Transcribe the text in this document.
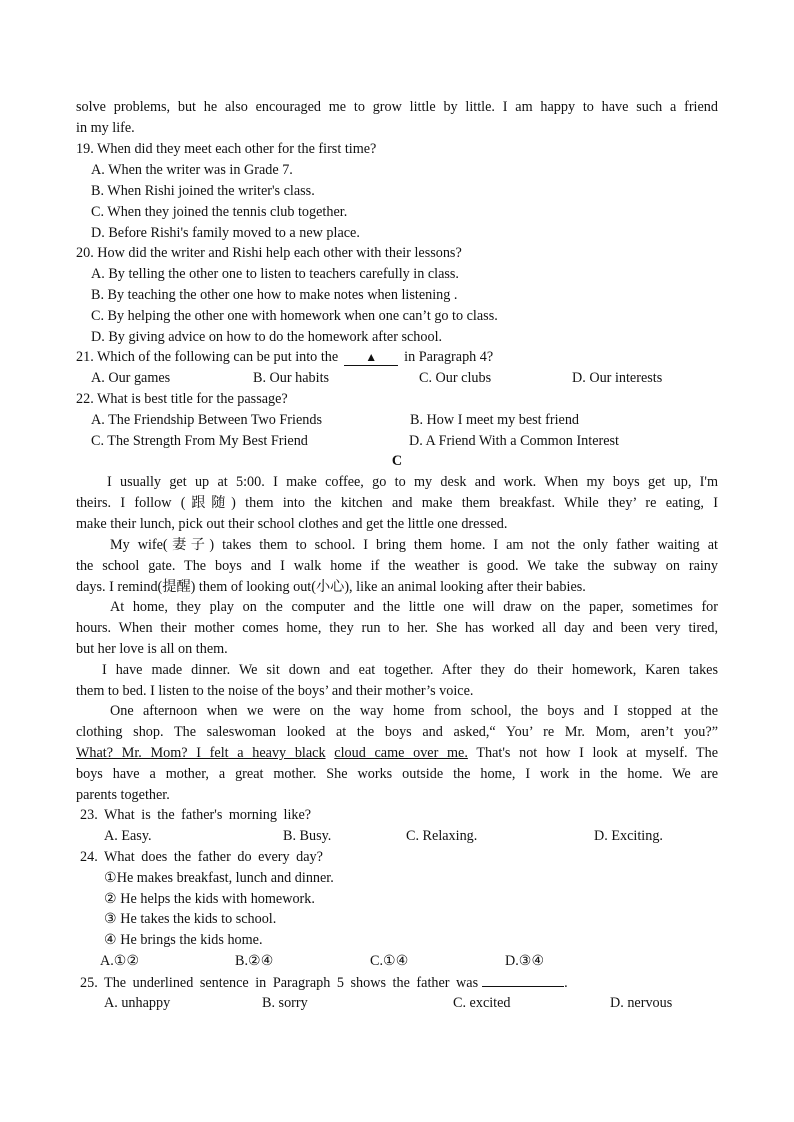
solve problems, but he also encouraged me to grow little by little. I am happy to have such a friend
in my life.
19. When did they meet each other for the first time?
A. When the writer was in Grade 7.
B. When Rishi joined the writer's class.
C. When they joined the tennis club together.
D. Before Rishi's family moved to a new place.
20. How did the writer and Rishi help each other with their lessons?
A. By telling the other one to listen to teachers carefully in class.
B. By teaching the other one how to make notes when listening .
C. By helping the other one with homework when one can’t go to class.
D. By giving advice on how to do the homework after school.
21. Which of the following can be put into the ▲ in Paragraph 4?
A. Our games	B. Our habits	C. Our clubs	D. Our interests
22. What is best title for the passage?
A. The Friendship Between Two Friends	B. How I meet my best friend
C. The Strength From My Best Friend	D. A Friend With a Common Interest
C
I usually get up at 5:00. I make coffee, go to my desk and work. When my boys get up, I'm
theirs. I follow (跟随) them into the kitchen and make them breakfast. While they’ re eating, I
make their lunch, pick out their school clothes and get the little one dressed.
My wife(妻子) takes them to school. I bring them home. I am not the only father waiting at
the school gate. The boys and I walk home if the weather is good. We take the subway on rainy
days. I remind(提醒) them of looking out(小心), like an animal looking after their babies.
At home, they play on the computer and the little one will draw on the paper, sometimes for
hours. When their mother comes home, they run to her. She has worked all day and been very tired,
but her love is all on them.
I have made dinner. We sit down and eat together. After they do their homework, Karen takes
them to bed. I listen to the noise of the boys’ and their mother’s voice.
One afternoon when we were on the way home from school, the boys and I stopped at the
clothing shop. The saleswoman looked at the boys and asked,“ You’ re Mr. Mom, aren’t you?”
What? Mr. Mom? I felt a heavy black cloud came over me. That's not how I look at myself. The
boys have a mother, a great mother. She works outside the home, I work in the home. We are
parents together.
23. What is the father's morning like?
A. Easy.	B. Busy.	C. Relaxing.	D. Exciting.
24. What does the father do every day?
①He makes breakfast, lunch and dinner.
② He helps the kids with homework.
③ He takes the kids to school.
④ He brings the kids home.
A.①②	B.②④	C.①④	D.③④
25. The underlined sentence in Paragraph 5 shows the father was	.
A. unhappy	B. sorry	C. excited	D. nervous
